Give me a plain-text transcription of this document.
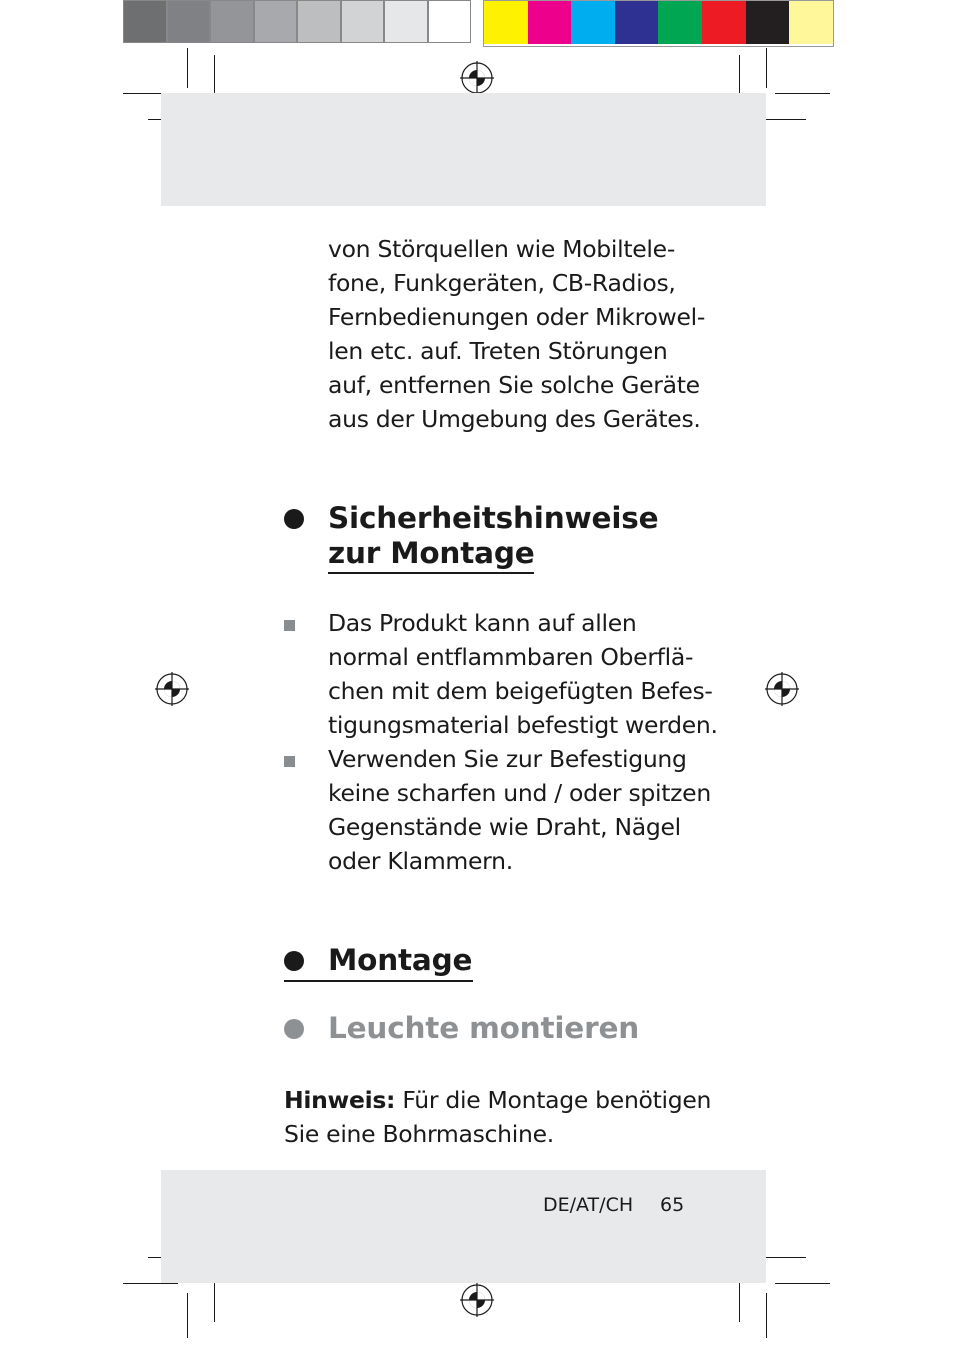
von Störquellen wie Mobiltele-
fone, Funkgeräten, CB-Radios,
Fernbedienungen oder Mikrowel-
len etc. auf. Treten Störungen
auf, entfernen Sie solche Geräte
aus der Umgebung des Gerätes.

Sicherheitshinweise
zur Montage

Das Produkt kann auf allen
normal entflammbaren Oberflä-
chen mit dem beigefügten Befes-
tigungsmaterial befestigt werden.

Verwenden Sie zur Befestigung
keine scharfen und / oder spitzen
Gegenstände wie Draht, Nägel
oder Klammern.

Montage
Leuchte montieren

Hinweis: Für die Montage benötigen
Sie eine Bohrmaschine.

DE/AT/CH 65
